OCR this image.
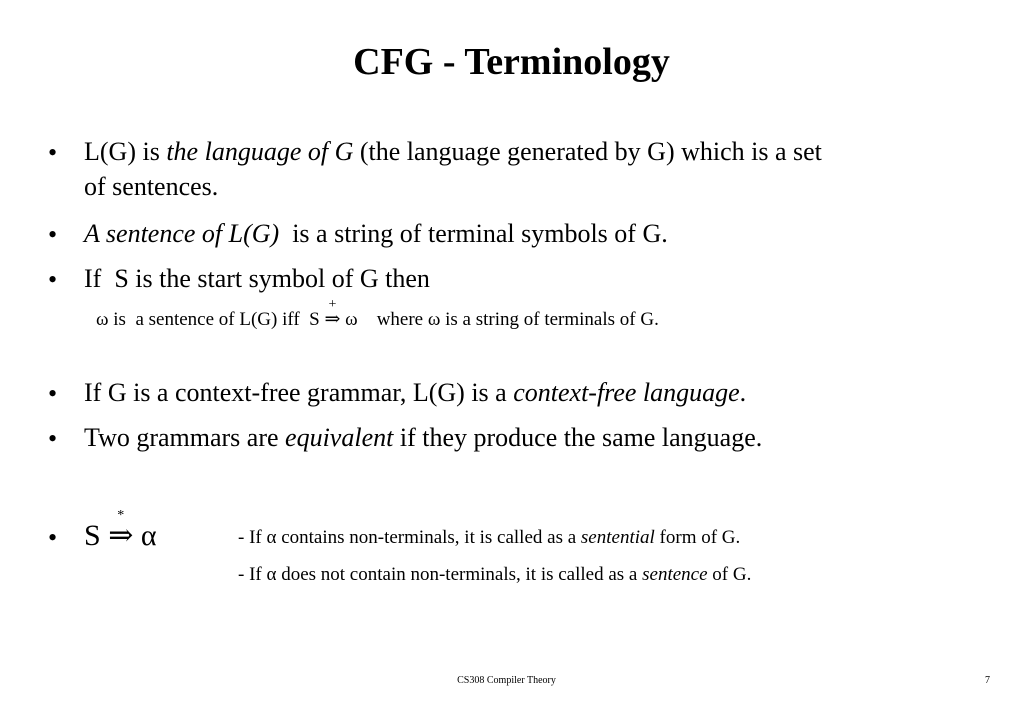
CFG - Terminology
• L(G) is the language of G (the language generated by G) which is a set
of sentences.
• A sentence of L(G)  is a string of terminal symbols of G.
• If  S is the start symbol of G then
ω is  a sentence of L(G) iff  S
+
⇒ ω    where ω is a string of terminals of G.
• If G is a context-free grammar, L(G) is a context-free language.
• Two grammars are equivalent if they produce the same language.
• S
*
⇒ α	- If α contains non-terminals, it is called as a sentential form of G.
- If α does not contain non-terminals, it is called as a sentence of G.
CS308 Compiler Theory	7
